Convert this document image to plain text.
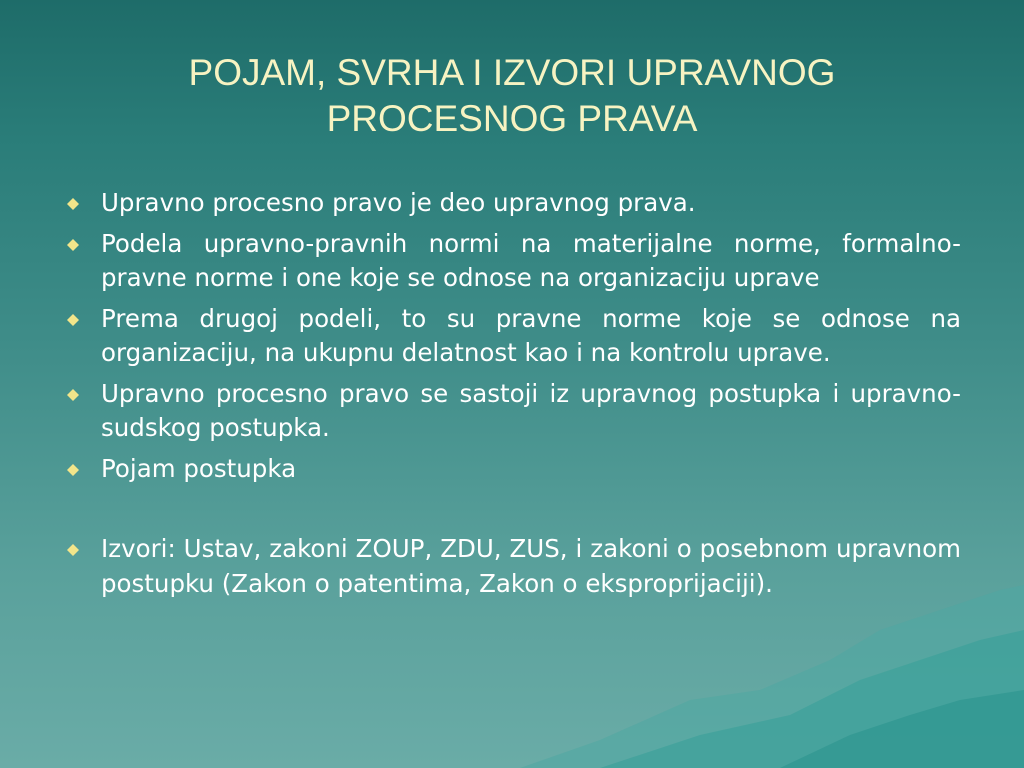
POJAM, SVRHA I IZVORI UPRAVNOG
PROCESNOG PRAVA
Upravno procesno pravo je deo upravnog prava.
Podela upravno-pravnih normi na materijalne norme, formalno-pravne norme i one koje se odnose na organizaciju uprave
Prema drugoj podeli, to su pravne norme koje se odnose na organizaciju, na ukupnu delatnost kao i na kontrolu uprave.
Upravno procesno pravo se sastoji iz upravnog postupka i upravno-sudskog postupka.
Pojam postupka
Izvori: Ustav, zakoni ZOUP, ZDU, ZUS, i zakoni o posebnom upravnom postupku (Zakon o patentima, Zakon o eksproprijaciji).
